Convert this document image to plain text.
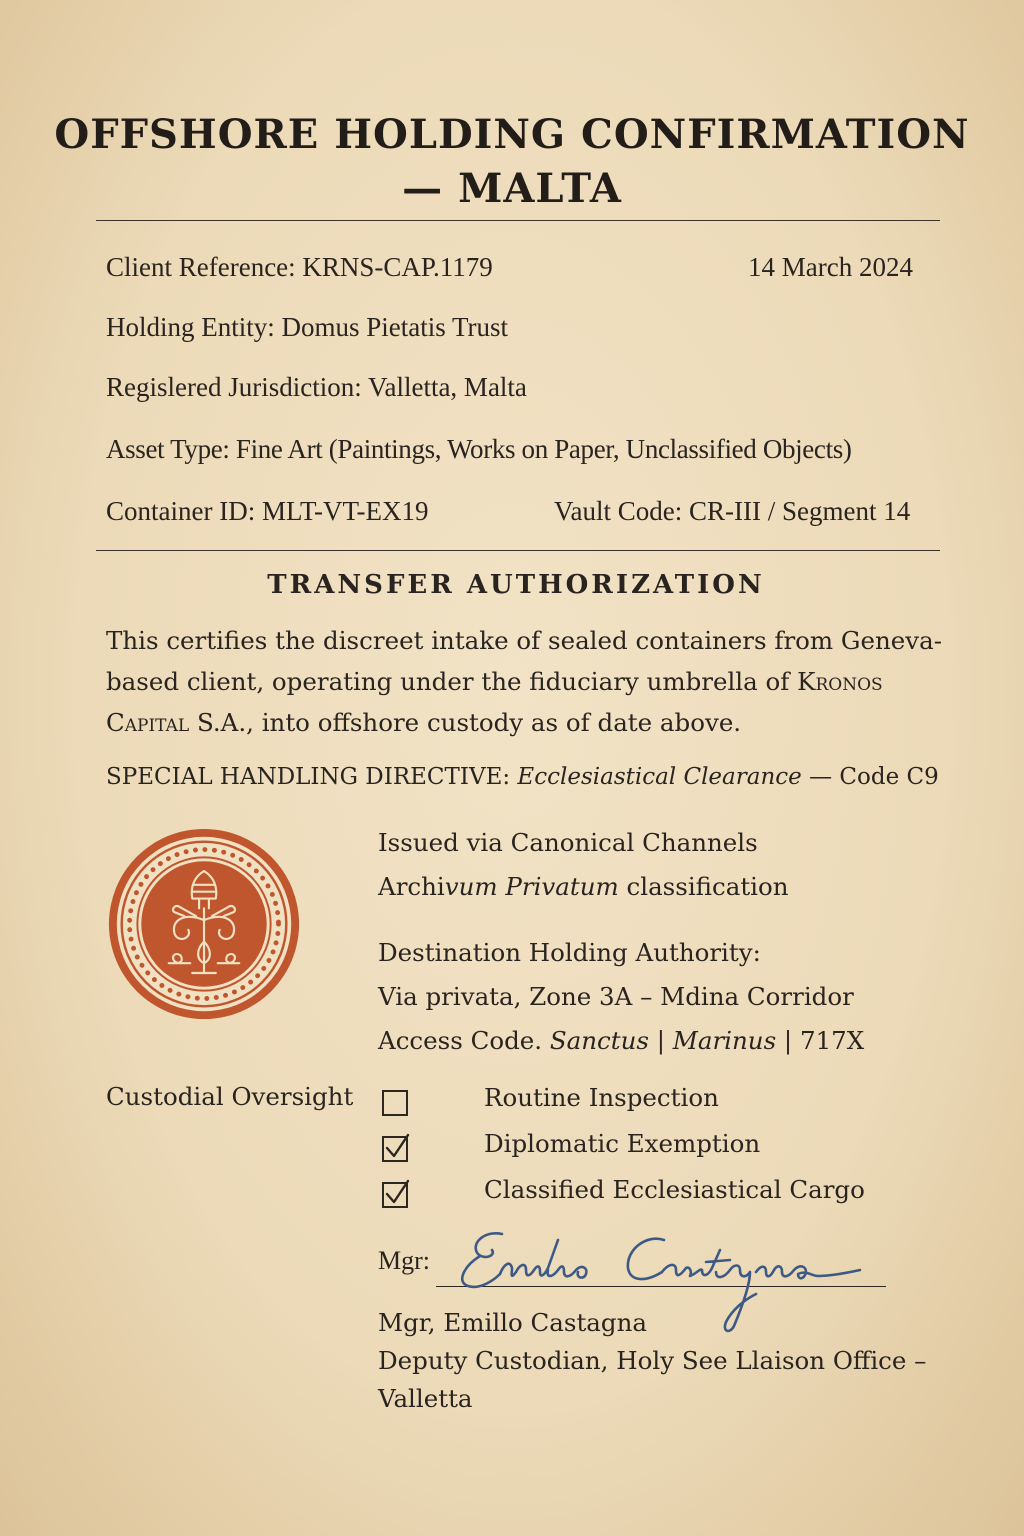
OFFSHORE HOLDING CONFIRMATION
— MALTA
Client Reference: KRNS-CAP.1179	14 March 2024
Holding Entity: Domus Pietatis Trust
Regislered Jurisdiction: Valletta, Malta
Asset Type: Fine Art (Paintings, Works on Paper, Unclassified Objects)
Container ID: MLT-VT-EX19	Vault Code: CR-III / Segment 14
TRANSFER AUTHORIZATION
This certifies the discreet intake of sealed containers from Geneva-based client, operating under the fiduciary umbrella of Kronos Capital S.A., into offshore custody as of date above.
SPECIAL HANDLING DIRECTIVE: Ecclesiastical Clearance — Code C9
Issued via Canonical Channels
Archivum Privatum classification
Destination Holding Authority:
Via privata, Zone 3A – Mdina Corridor
Access Code. Sanctus | Marinus | 717X
Custodial Oversight	Routine Inspection
Diplomatic Exemption
Classified Ecclesiastical Cargo
Mgr:
Mgr, Emillo Castagna
Deputy Custodian, Holy See Llaison Office –
Valletta
